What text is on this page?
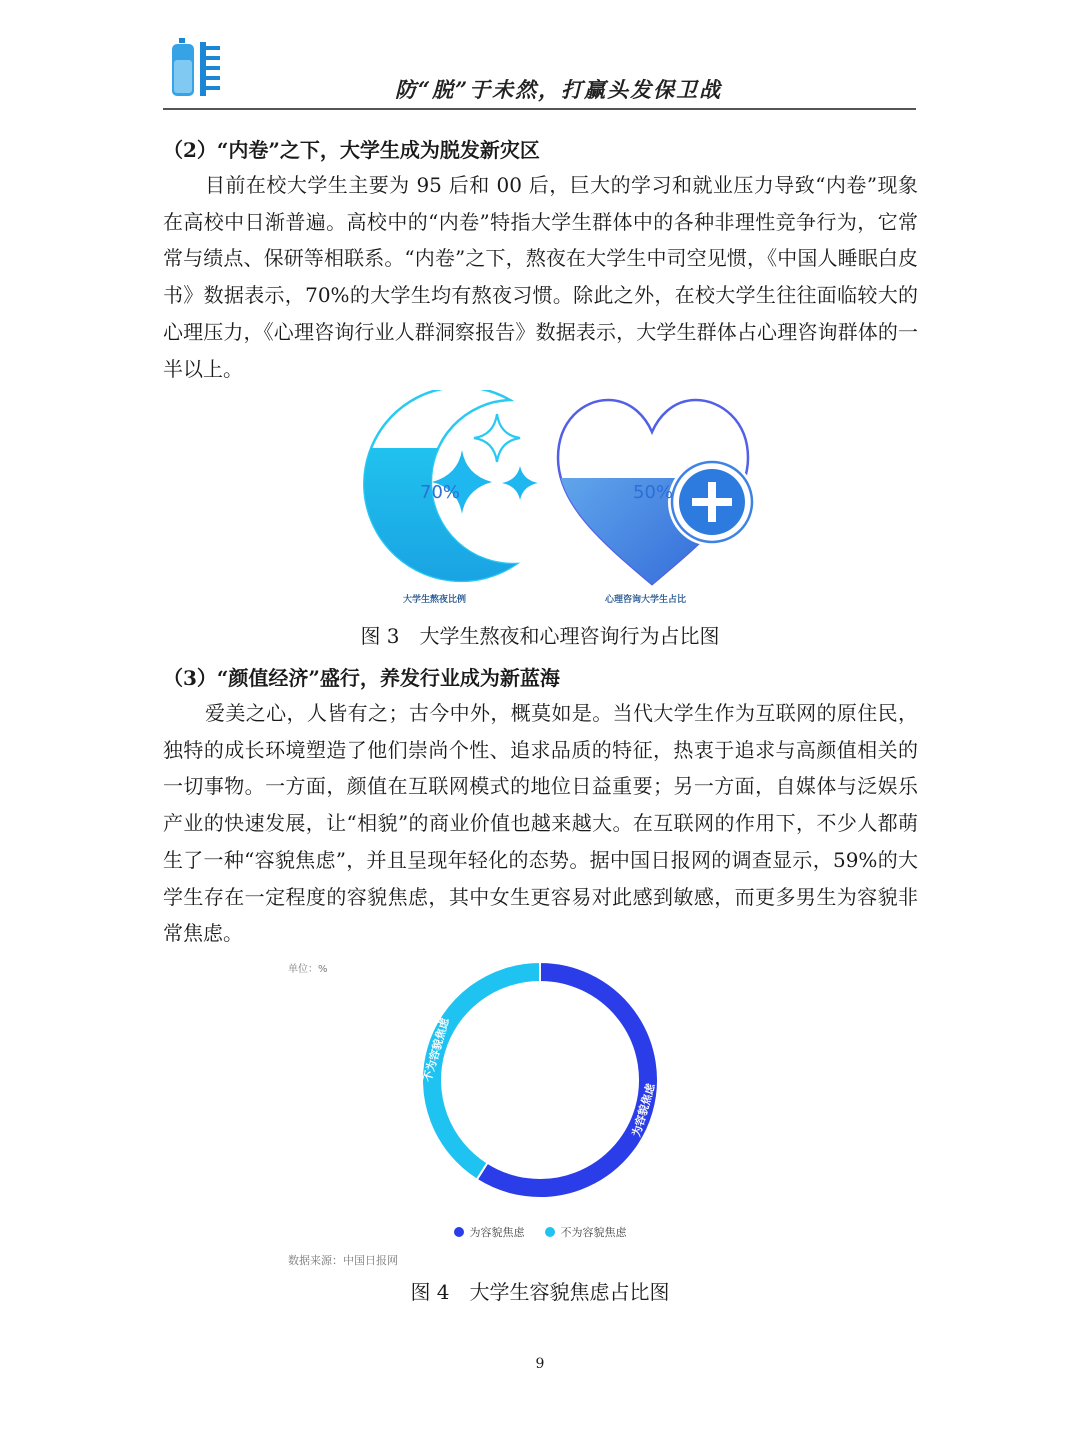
防“脱”于未然，打赢头发保卫战
（2）“内卷”之下，大学生成为脱发新灾区

目前在校大学生主要为 95 后和 00 后，巨大的学习和就业压力导致“内卷”现象在高校中日渐普遍。高校中的“内卷”特指大学生群体中的各种非理性竞争行为，它常常与绩点、保研等相联系。“内卷”之下，熬夜在大学生中司空见惯，《中国人睡眠白皮书》数据表示，70%的大学生均有熬夜习惯。除此之外，在校大学生往往面临较大的心理压力，《心理咨询行业人群洞察报告》数据表示，大学生群体占心理咨询群体的一半以上。

70%	50%
大学生熬夜比例	心理咨询大学生占比
图 3　大学生熬夜和心理咨询行为占比图
（3）“颜值经济”盛行，养发行业成为新蓝海

爱美之心，人皆有之；古今中外，概莫如是。当代大学生作为互联网的原住民，独特的成长环境塑造了他们崇尚个性、追求品质的特征，热衷于追求与高颜值相关的一切事物。一方面，颜值在互联网模式的地位日益重要；另一方面，自媒体与泛娱乐产业的快速发展，让“相貌”的商业价值也越来越大。在互联网的作用下，不少人都萌生了一种“容貌焦虑”，并且呈现年轻化的态势。据中国日报网的调查显示，59%的大学生存在一定程度的容貌焦虑，其中女生更容易对此感到敏感，而更多男生为容貌非常焦虑。

单位：%
为容貌焦虑
不为容貌焦虑
为容貌焦虑	不为容貌焦虑
数据来源：中国日报网
图 4　大学生容貌焦虑占比图
9
